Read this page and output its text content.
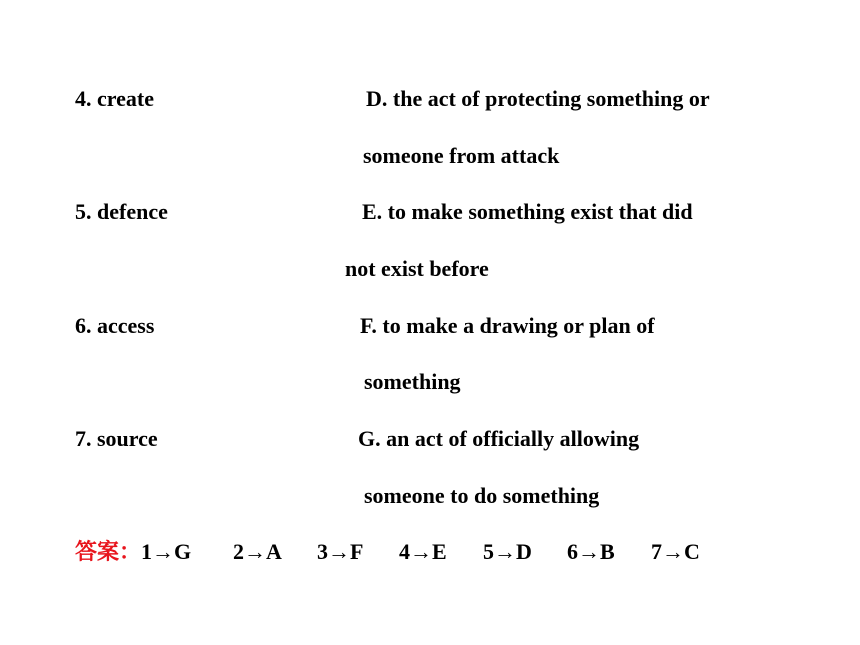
4. create	D. the act of protecting something or
someone from attack
5. defence	E. to make something exist that did
not exist before
6. access	F. to make a drawing or plan of
something
7. source	G. an act of officially allowing
someone to do something
答案：1→G 2→A 3→F 4→E 5→D 6→B 7→C
